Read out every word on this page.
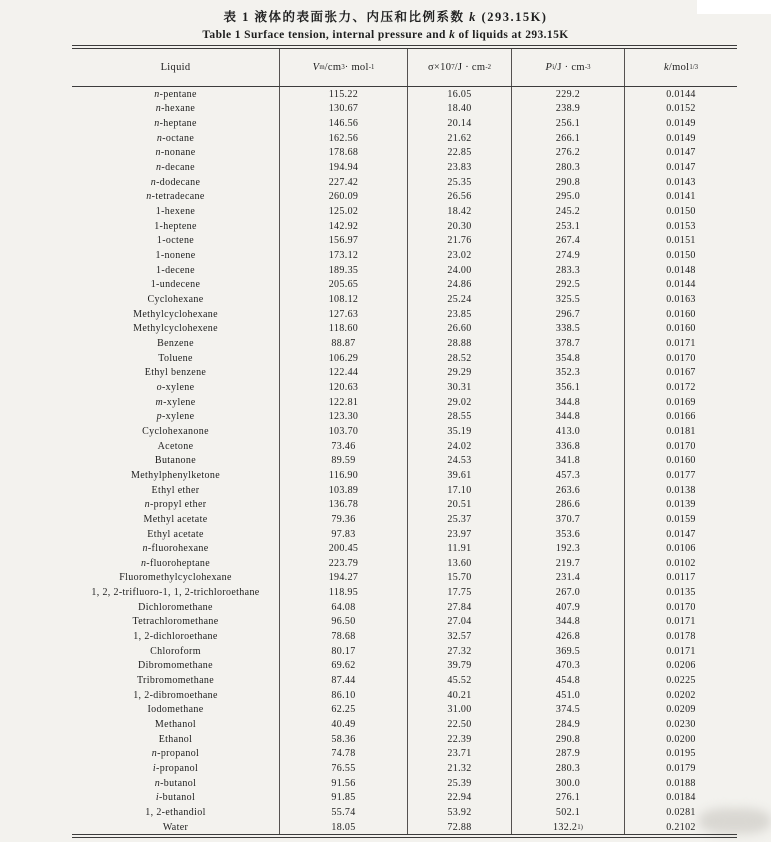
表 1 液体的表面张力、内压和比例系数 k (293.15K)
Table 1 Surface tension, internal pressure and k of liquids at 293.15K
Liquid	V m /cm 3 · mol -1	σ×10 7 /J · cm -2	P i /J · cm -3	k /mol 1/3
n -pentane	115.22	16.05	229.2	0.0144
n -hexane	130.67	18.40	238.9	0.0152
n -heptane	146.56	20.14	256.1	0.0149
n -octane	162.56	21.62	266.1	0.0149
n -nonane	178.68	22.85	276.2	0.0147
n -decane	194.94	23.83	280.3	0.0147
n -dodecane	227.42	25.35	290.8	0.0143
n -tetradecane	260.09	26.56	295.0	0.0141
1-hexene	125.02	18.42	245.2	0.0150
1-heptene	142.92	20.30	253.1	0.0153
1-octene	156.97	21.76	267.4	0.0151
1-nonene	173.12	23.02	274.9	0.0150
1-decene	189.35	24.00	283.3	0.0148
1-undecene	205.65	24.86	292.5	0.0144
Cyclohexane	108.12	25.24	325.5	0.0163
Methylcyclohexane	127.63	23.85	296.7	0.0160
Methylcyclohexene	118.60	26.60	338.5	0.0160
Benzene	88.87	28.88	378.7	0.0171
Toluene	106.29	28.52	354.8	0.0170
Ethyl benzene	122.44	29.29	352.3	0.0167
o -xylene	120.63	30.31	356.1	0.0172
m -xylene	122.81	29.02	344.8	0.0169
p -xylene	123.30	28.55	344.8	0.0166
Cyclohexanone	103.70	35.19	413.0	0.0181
Acetone	73.46	24.02	336.8	0.0170
Butanone	89.59	24.53	341.8	0.0160
Methylphenylketone	116.90	39.61	457.3	0.0177
Ethyl ether	103.89	17.10	263.6	0.0138
n -propyl ether	136.78	20.51	286.6	0.0139
Methyl acetate	79.36	25.37	370.7	0.0159
Ethyl acetate	97.83	23.97	353.6	0.0147
n -fluorohexane	200.45	11.91	192.3	0.0106
n -fluoroheptane	223.79	13.60	219.7	0.0102
Fluoromethylcyclohexane	194.27	15.70	231.4	0.0117
1, 2, 2-trifluoro-1, 1, 2-trichloroethane	118.95	17.75	267.0	0.0135
Dichloromethane	64.08	27.84	407.9	0.0170
Tetrachloromethane	96.50	27.04	344.8	0.0171
1, 2-dichloroethane	78.68	32.57	426.8	0.0178
Chloroform	80.17	27.32	369.5	0.0171
Dibromomethane	69.62	39.79	470.3	0.0206
Tribromomethane	87.44	45.52	454.8	0.0225
1, 2-dibromoethane	86.10	40.21	451.0	0.0202
Iodomethane	62.25	31.00	374.5	0.0209
Methanol	40.49	22.50	284.9	0.0230
Ethanol	58.36	22.39	290.8	0.0200
n -propanol	74.78	23.71	287.9	0.0195
i -propanol	76.55	21.32	280.3	0.0179
n -butanol	91.56	25.39	300.0	0.0188
i -butanol	91.85	22.94	276.1	0.0184
1, 2-ethandiol	55.74	53.92	502.1	0.0281
Water	18.05	72.88	132.2 1)	0.2102
